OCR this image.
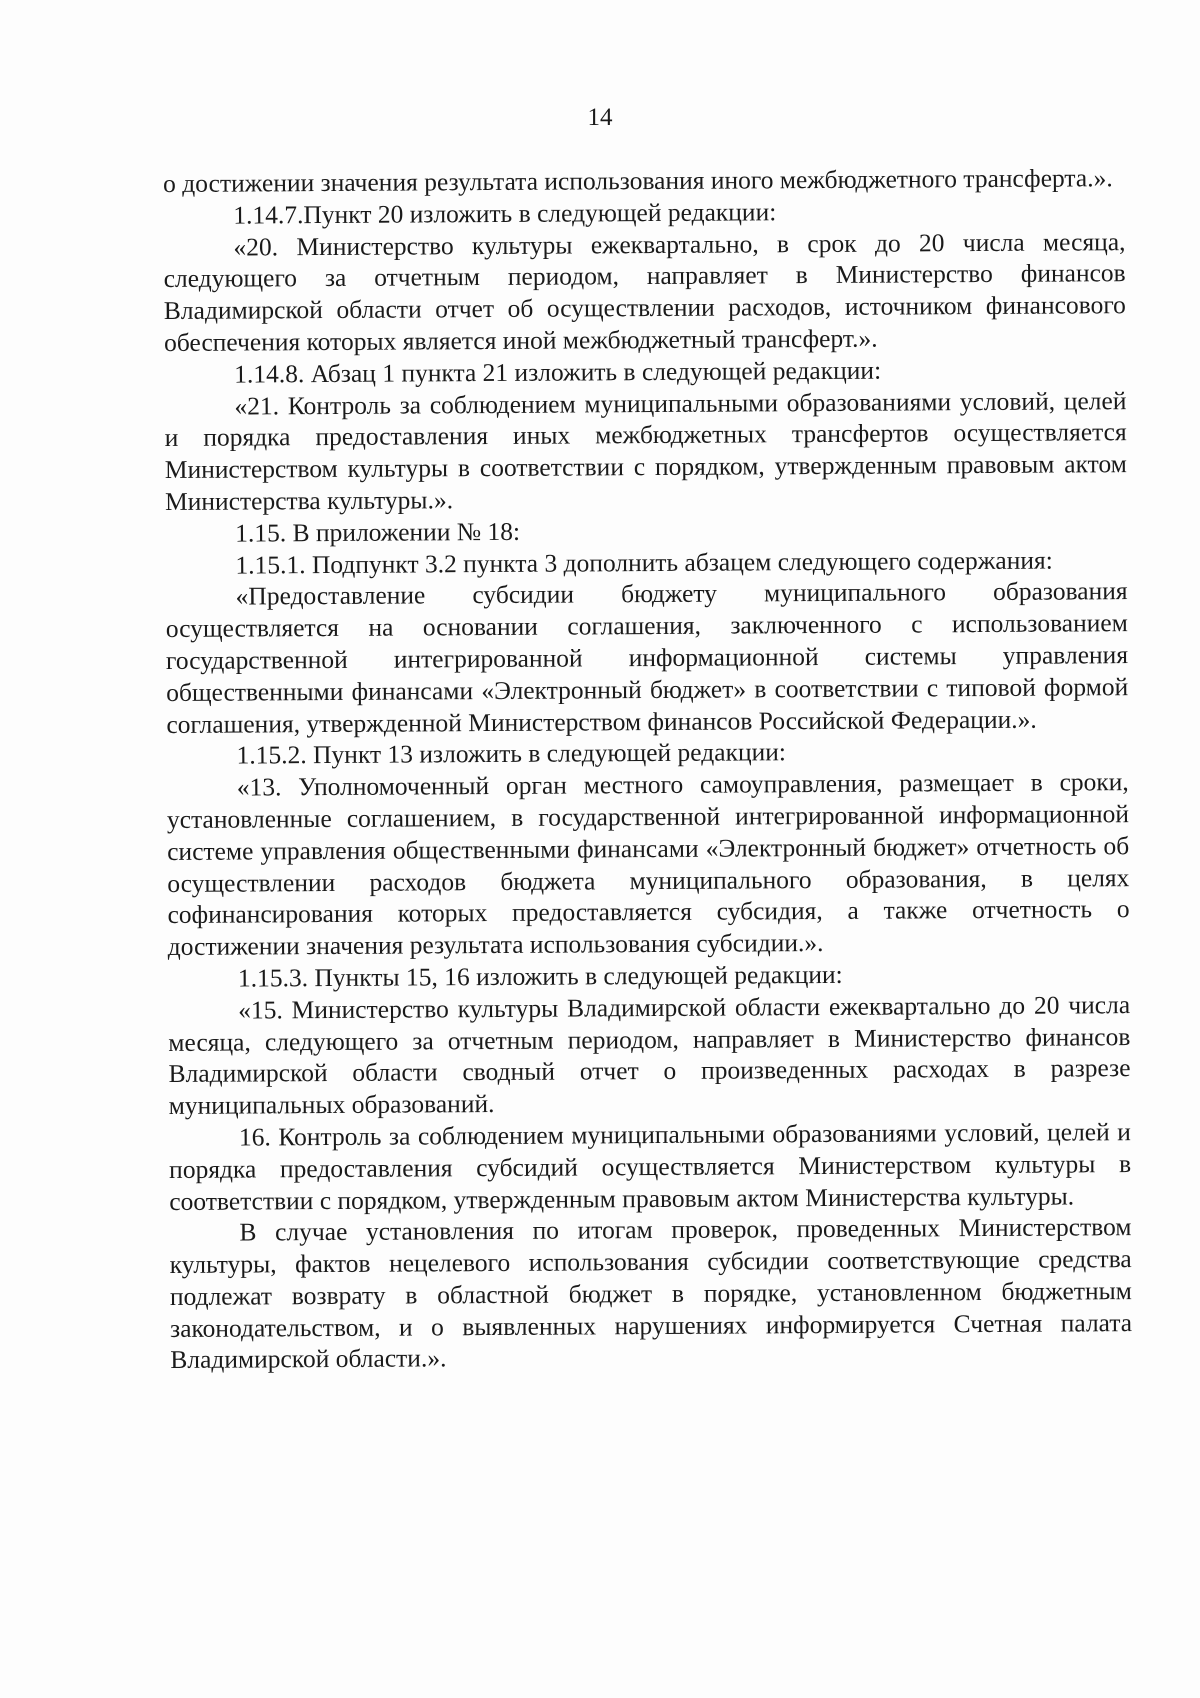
14

о достижении значения результата использования иного межбюджетного трансферта.».

1.14.7.Пункт 20 изложить в следующей редакции:

«20. Министерство культуры ежеквартально, в срок до 20 числа месяца, следующего за отчетным периодом, направляет в Министерство финансов Владимирской области отчет об осуществлении расходов, источником финансового обеспечения которых является иной межбюджетный трансферт.».

1.14.8. Абзац 1 пункта 21 изложить в следующей редакции:

«21. Контроль за соблюдением муниципальными образованиями условий, целей и порядка предоставления иных межбюджетных трансфертов осуществляется Министерством культуры в соответствии с порядком, утвержденным правовым актом Министерства культуры.».

1.15. В приложении № 18:

1.15.1. Подпункт 3.2 пункта 3 дополнить абзацем следующего содержания:

«Предоставление субсидии бюджету муниципального образования осуществляется на основании соглашения, заключенного с использованием государственной интегрированной информационной системы управления общественными финансами «Электронный бюджет» в соответствии с типовой формой соглашения, утвержденной Министерством финансов Российской Федерации.».

1.15.2. Пункт 13 изложить в следующей редакции:

«13. Уполномоченный орган местного самоуправления, размещает в сроки, установленные соглашением, в государственной интегрированной информационной системе управления общественными финансами «Электронный бюджет» отчетность об осуществлении расходов бюджета муниципального образования, в целях софинансирования которых предоставляется субсидия, а также отчетность о достижении значения результата использования субсидии.».

1.15.3. Пункты 15, 16 изложить в следующей редакции:

«15. Министерство культуры Владимирской области ежеквартально до 20 числа месяца, следующего за отчетным периодом, направляет в Министерство финансов Владимирской области сводный отчет о произведенных расходах в разрезе муниципальных образований.

16. Контроль за соблюдением муниципальными образованиями условий, целей и порядка предоставления субсидий осуществляется Министерством культуры в соответствии с порядком, утвержденным правовым актом Министерства культуры.

В случае установления по итогам проверок, проведенных Министерством культуры, фактов нецелевого использования субсидии соответствующие средства подлежат возврату в областной бюджет в порядке, установленном бюджетным законодательством, и о выявленных нарушениях информируется Счетная палата Владимирской области.».
